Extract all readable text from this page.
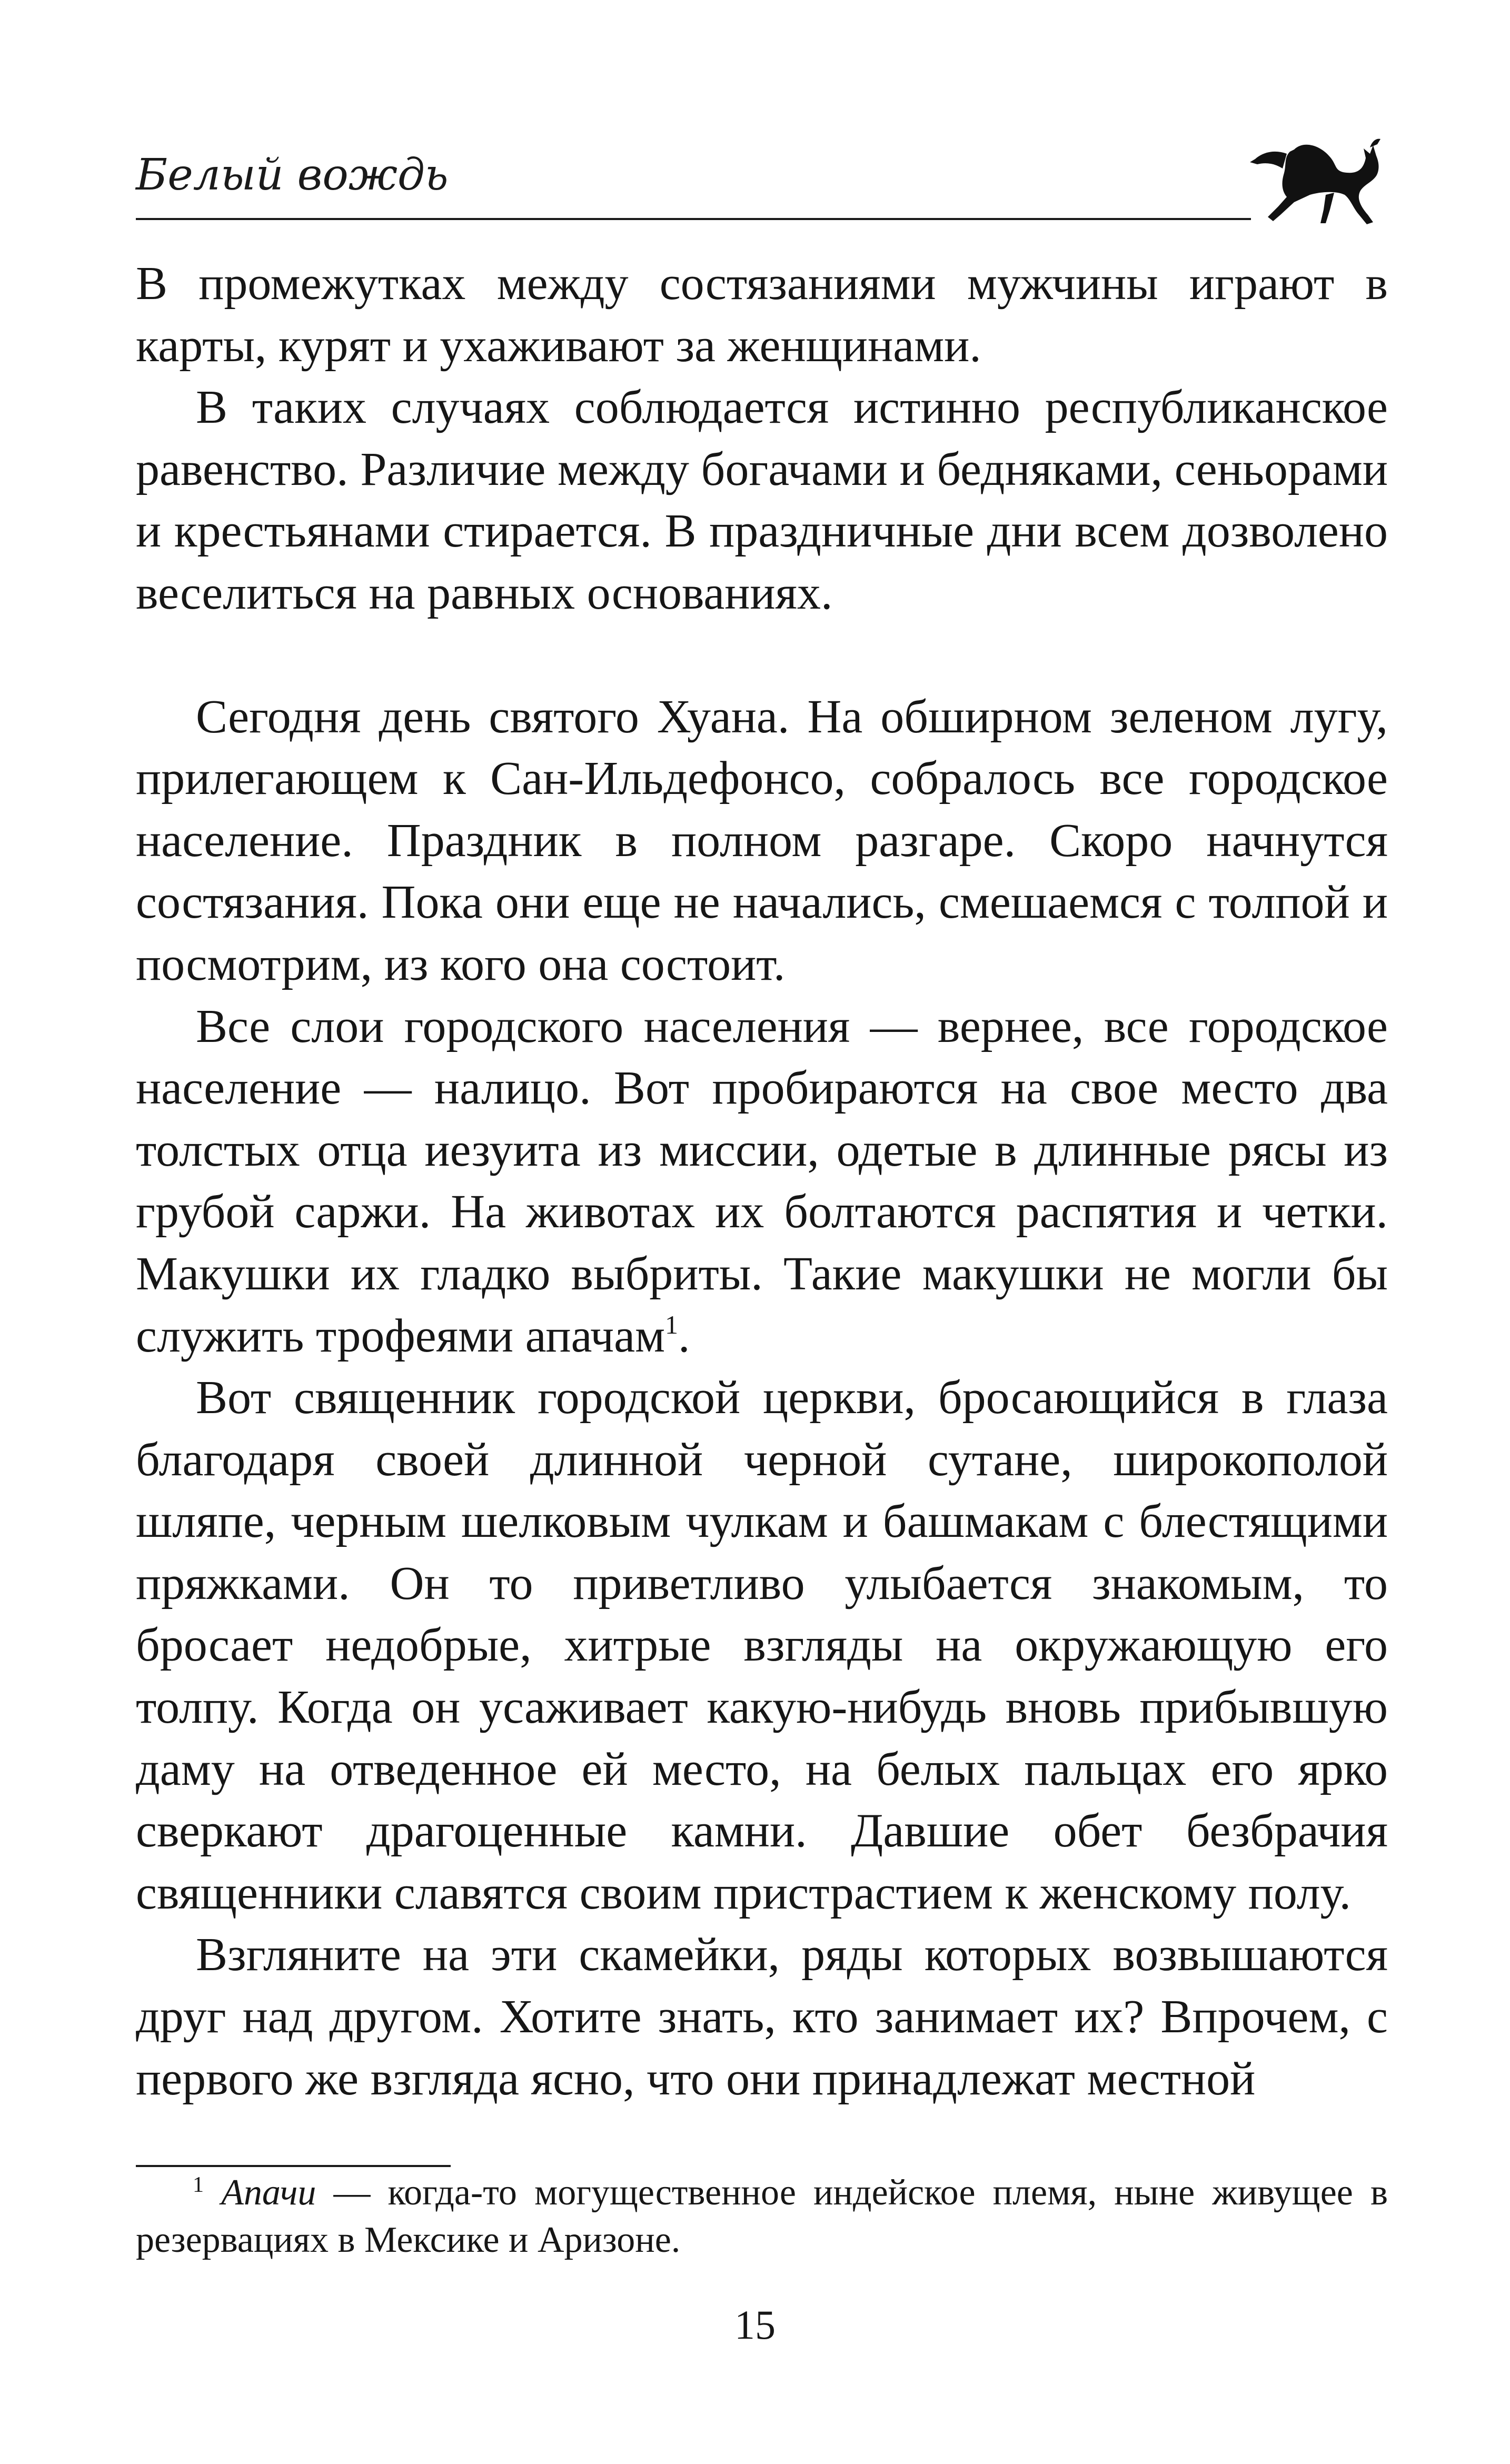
Белый вождь

В промежутках между состязаниями мужчины играют в карты, курят и ухаживают за женщинами.

В таких случаях соблюдается истинно республиканское равенство. Различие между богачами и бедняками, сеньорами и крестьянами стирается. В праздничные дни всем дозволено веселиться на равных основаниях.

Сегодня день святого Хуана. На обширном зеленом лугу, прилегающем к Сан-Ильдефонсо, собралось все городское население. Праздник в полном разгаре. Скоро начнутся состязания. Пока они еще не начались, смешаемся с толпой и посмотрим, из кого она состоит.

Все слои городского населения — вернее, все городское население — налицо. Вот пробираются на свое место два толстых отца иезуита из миссии, одетые в длинные рясы из грубой саржи. На животах их болтаются распятия и четки. Макушки их гладко выбриты. Такие макушки не могли бы служить трофеями апачам$^1$.

Вот священник городской церкви, бросающийся в глаза благодаря своей длинной черной сутане, широкополой шляпе, черным шелковым чулкам и башмакам с блестящими пряжками. Он то приветливо улыбается знакомым, то бросает недобрые, хитрые взгляды на окружающую его толпу. Когда он усаживает какую-нибудь вновь прибывшую даму на отведенное ей место, на белых пальцах его ярко сверкают драгоценные камни. Давшие обет безбрачия священники славятся своим пристрастием к женскому полу.

Взгляните на эти скамейки, ряды которых возвышаются друг над другом. Хотите знать, кто занимает их? Впрочем, с первого же взгляда ясно, что они принадлежат местной

$^1$ Апачи — когда-то могущественное индейское племя, ныне живущее в резервациях в Мексике и Аризоне.

15
